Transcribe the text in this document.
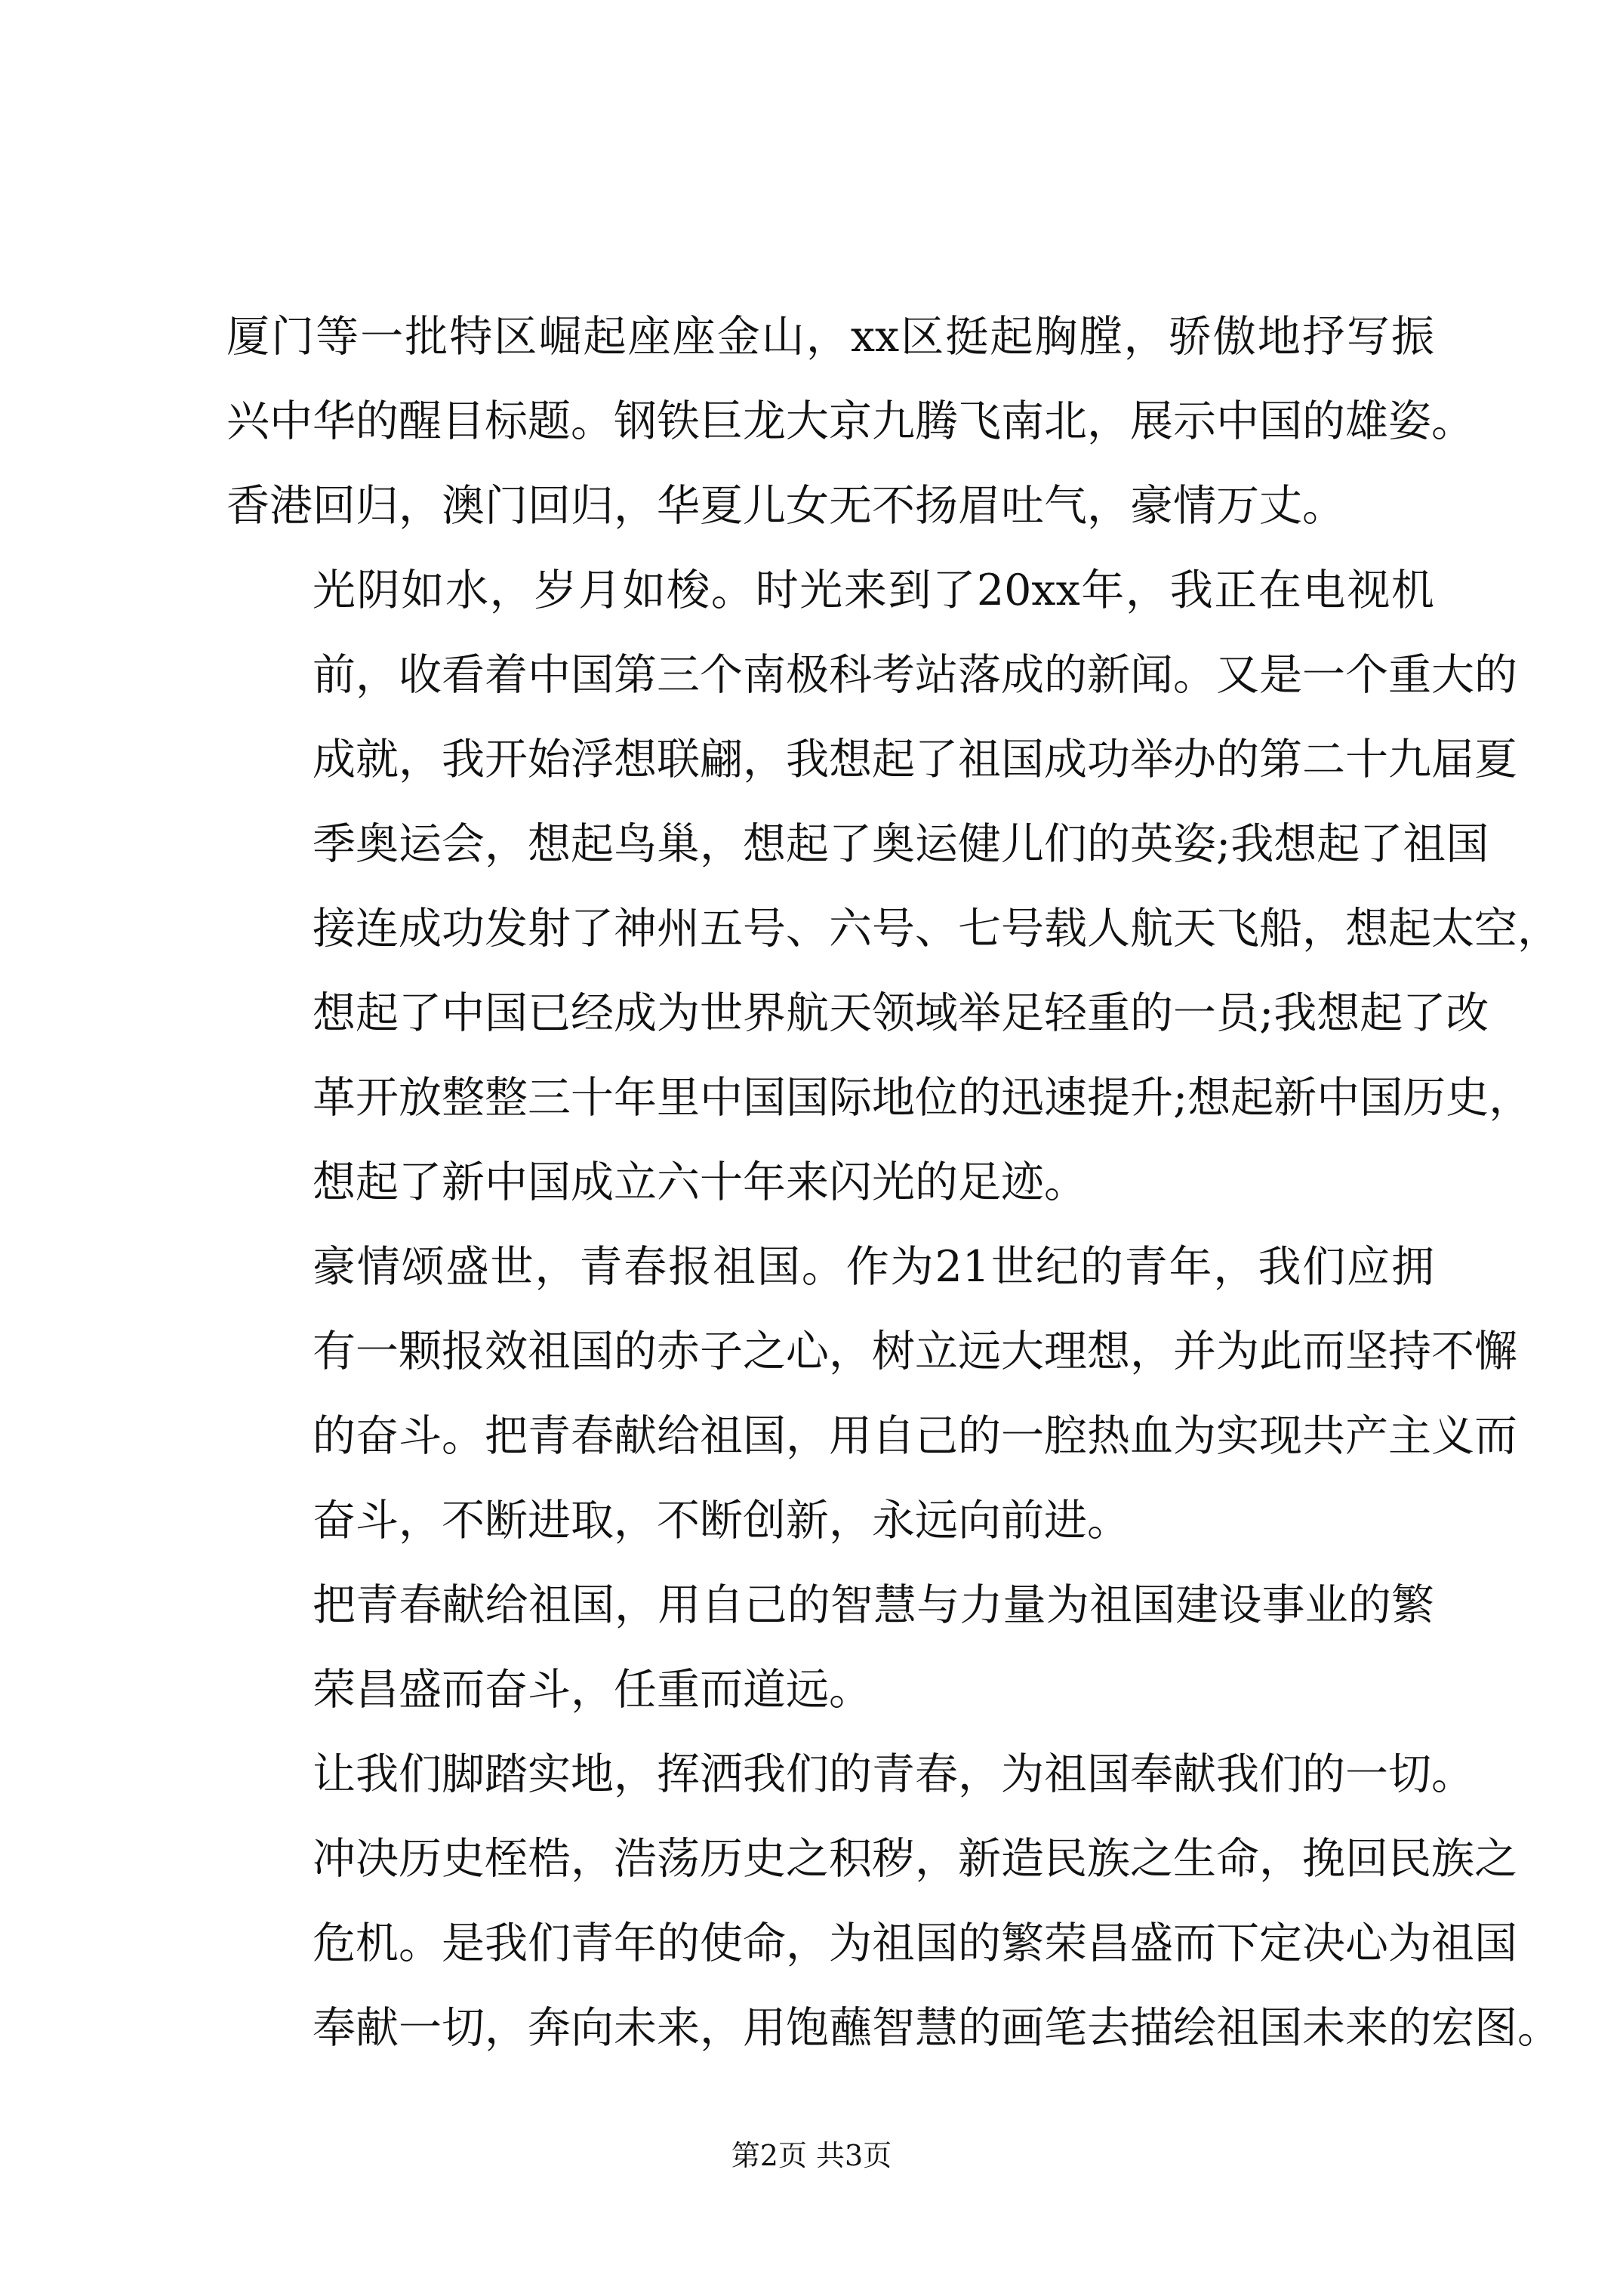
厦门等一批特区崛起座座金山，xx区挺起胸膛，骄傲地抒写振
兴中华的醒目标题。钢铁巨龙大京九腾飞南北，展示中国的雄姿。
香港回归，澳门回归，华夏儿女无不扬眉吐气，豪情万丈。

光阴如水，岁月如梭。时光来到了20xx年，我正在电视机
前，收看着中国第三个南极科考站落成的新闻。又是一个重大的
成就，我开始浮想联翩，我想起了祖国成功举办的第二十九届夏
季奥运会，想起鸟巢，想起了奥运健儿们的英姿;我想起了祖国
接连成功发射了神州五号、六号、七号载人航天飞船，想起太空，
想起了中国已经成为世界航天领域举足轻重的一员;我想起了改
革开放整整三十年里中国国际地位的迅速提升;想起新中国历史，
想起了新中国成立六十年来闪光的足迹。

豪情颂盛世，青春报祖国。作为21世纪的青年，我们应拥
有一颗报效祖国的赤子之心，树立远大理想，并为此而坚持不懈
的奋斗。把青春献给祖国，用自己的一腔热血为实现共产主义而
奋斗，不断进取，不断创新，永远向前进。

把青春献给祖国，用自己的智慧与力量为祖国建设事业的繁
荣昌盛而奋斗，任重而道远。

让我们脚踏实地，挥洒我们的青春，为祖国奉献我们的一切。
冲决历史桎梏，浩荡历史之积秽，新造民族之生命，挽回民族之
危机。是我们青年的使命，为祖国的繁荣昌盛而下定决心为祖国
奉献一切，奔向未来，用饱蘸智慧的画笔去描绘祖国未来的宏图。

第2页 共3页
